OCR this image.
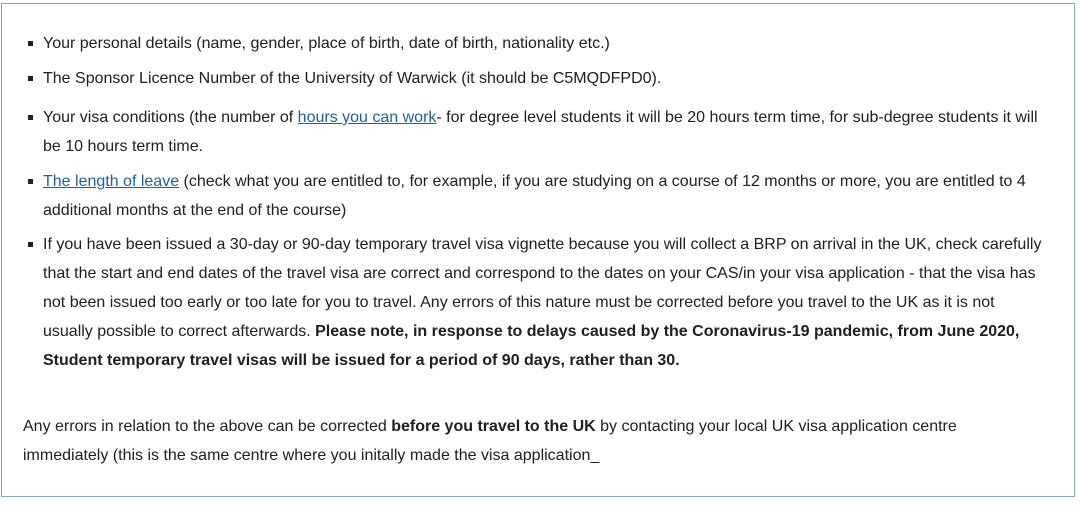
Your personal details (name, gender, place of birth, date of birth, nationality etc.)
The Sponsor Licence Number of the University of Warwick (it should be C5MQDFPD0).
Your visa conditions (the number of hours you can work- for degree level students it will be 20 hours term time, for sub-degree students it will be 10 hours term time.
The length of leave (check what you are entitled to, for example, if you are studying on a course of 12 months or more, you are entitled to 4 additional months at the end of the course)
If you have been issued a 30-day or 90-day temporary travel visa vignette because you will collect a BRP on arrival in the UK, check carefully that the start and end dates of the travel visa are correct and correspond to the dates on your CAS/in your visa application - that the visa has not been issued too early or too late for you to travel. Any errors of this nature must be corrected before you travel to the UK as it is not usually possible to correct afterwards. Please note, in response to delays caused by the Coronavirus-19 pandemic, from June 2020, Student temporary travel visas will be issued for a period of 90 days, rather than 30.

Any errors in relation to the above can be corrected before you travel to the UK by contacting your local UK visa application centre immediately (this is the same centre where you initally made the visa application_
